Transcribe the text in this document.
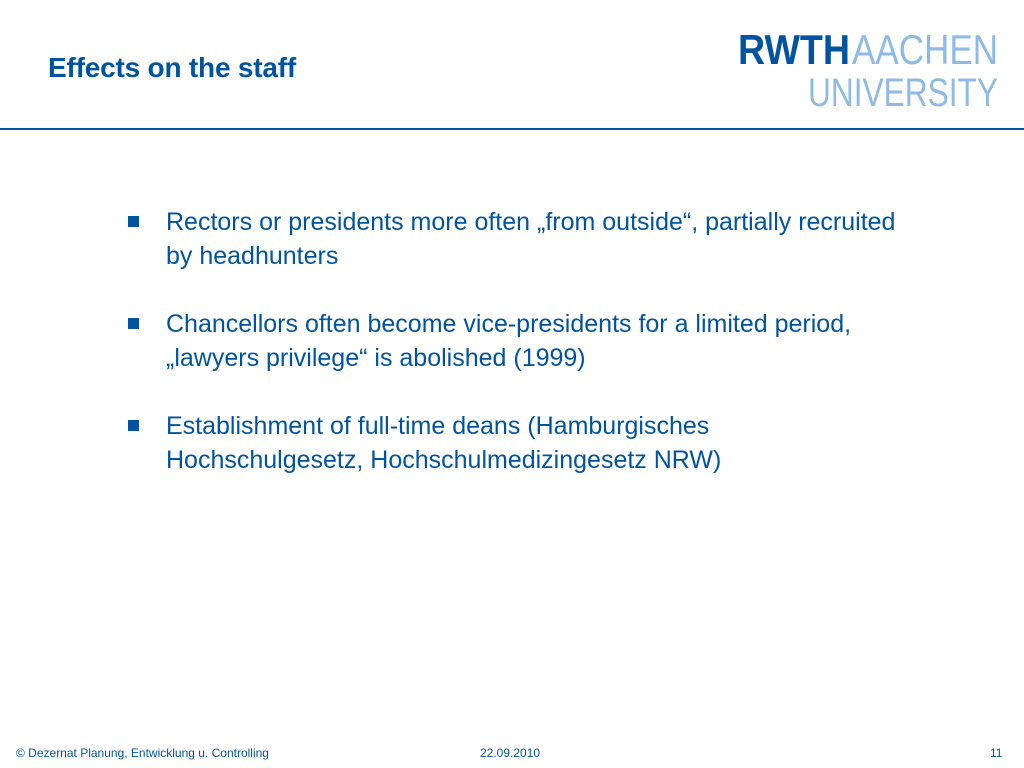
Effects on the staff	RWTH AACHEN
UNIVERSITY
Rectors or presidents more often „from outside“, partially recruited by headhunters
Chancellors often become vice-presidents for a limited period, „lawyers privilege“ is abolished (1999)
Establishment of full-time deans (Hamburgisches Hochschulgesetz, Hochschulmedizingesetz NRW)
© Dezernat Planung, Entwicklung u. Controlling	22.09.2010	11
